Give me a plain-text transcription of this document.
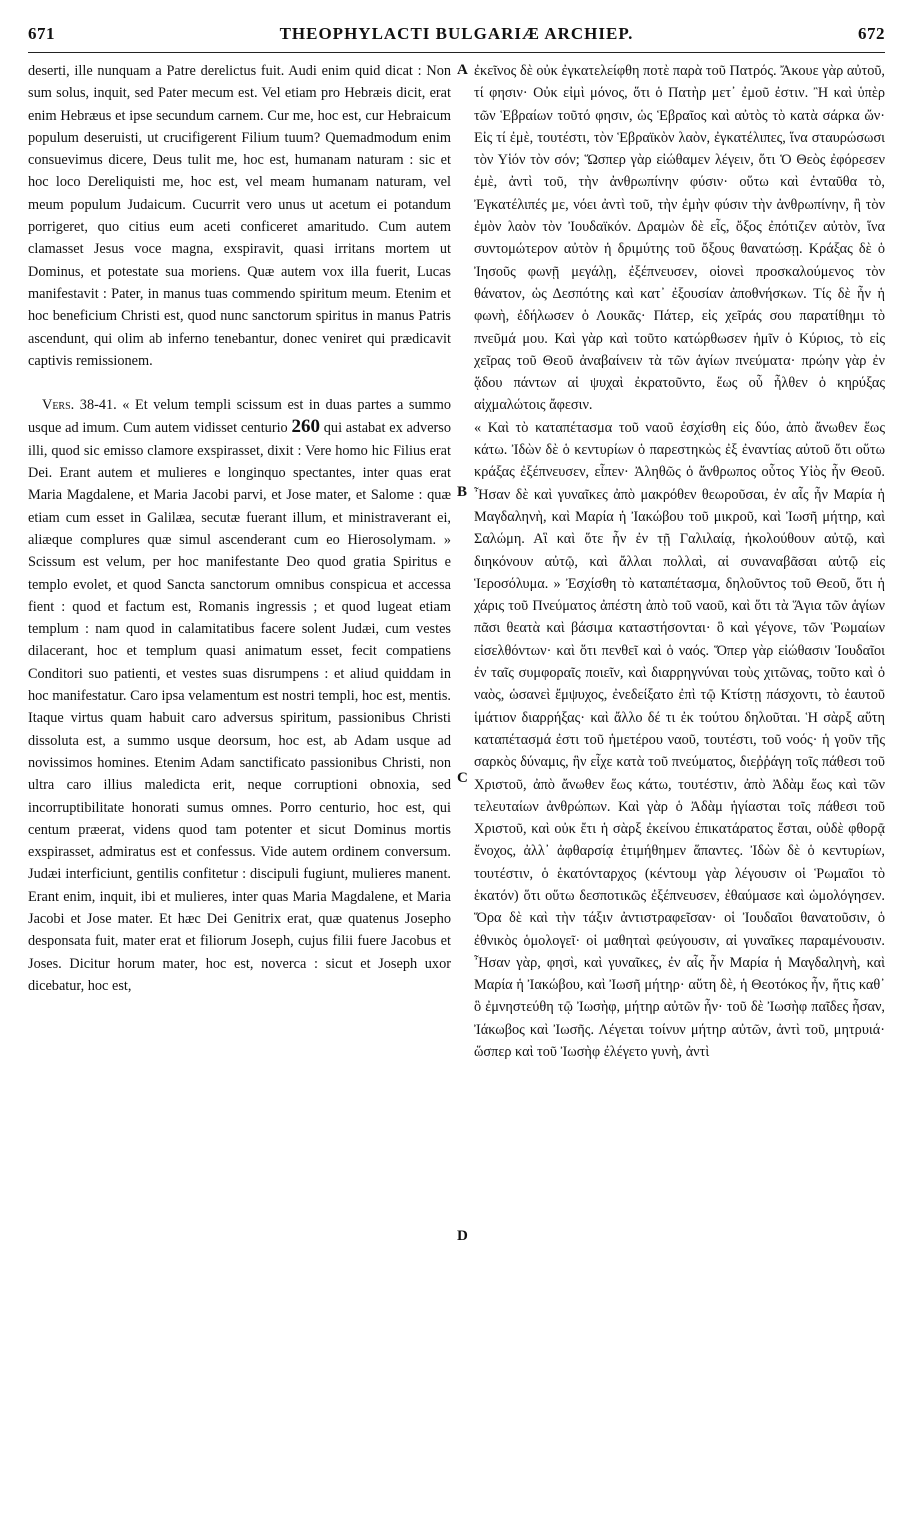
671	THEOPHYLACTI BULGARIÆ ARCHIEP.	672

deserti, ille nunquam a Patre derelictus fuit. Audi enim quid dicat : Non sum solus, inquit, sed Pater mecum est. Vel etiam pro Hebræis dicit, erat enim Hebræus et ipse secundum carnem. Cur me, hoc est, cur Hebraicum populum deseruisti, ut crucifigerent Filium tuum? Quemadmodum enim consuevimus dicere, Deus tulit me, hoc est, humanam naturam : sic et hoc loco Dereliquisti me, hoc est, vel meam humanam naturam, vel meum populum Judaicum. Cucurrit vero unus ut acetum ei potandum porrigeret, quo citius eum aceti conficeret amaritudo. Cum autem clamasset Jesus voce magna, exspiravit, quasi irritans mortem ut Dominus, et potestate sua moriens. Quæ autem vox illa fuerit, Lucas manifestavit : Pater, in manus tuas commendo spiritum meum. Etenim et hoc beneficium Christi est, quod nunc sanctorum spiritus in manus Patris ascendunt, qui olim ab inferno tenebantur, donec veniret qui prædicavit captivis remissionem.

Vers. 38-41. « Et velum templi scissum est in duas partes a summo usque ad imum. Cum autem vidisset centurio 260 qui astabat ex adverso illi, quod sic emisso clamore exspirasset, dixit : Vere homo hic Filius erat Dei. Erant autem et mulieres e longinquo spectantes, inter quas erat Maria Magdalene, et Maria Jacobi parvi, et Jose mater, et Salome : quæ etiam cum esset in Galilæa, secutæ fuerant illum, et ministraverant ei, aliæque complures quæ simul ascenderant cum eo Hierosolymam. » Scissum est velum, per hoc manifestante Deo quod gratia Spiritus e templo evolet, et quod Sancta sanctorum omnibus conspicua et accessa fient : quod et factum est, Romanis ingressis ; et quod lugeat etiam templum : nam quod in calamitatibus facere solent Judæi, cum vestes dilacerant, hoc et templum quasi animatum esset, fecit compatiens Conditori suo patienti, et vestes suas disrumpens : et aliud quiddam in hoc manifestatur. Caro ipsa velamentum est nostri templi, hoc est, mentis. Itaque virtus quam habuit caro adversus spiritum, passionibus Christi dissoluta est, a summo usque deorsum, hoc est, ab Adam usque ad novissimos homines. Etenim Adam sanctificato passionibus Christi, non ultra caro illius maledicta erit, neque corruptioni obnoxia, sed incorruptibilitate honorati sumus omnes. Porro centurio, hoc est, qui centum præerat, videns quod tam potenter et sicut Dominus mortis exspirasset, admiratus est et confessus. Vide autem ordinem conversum. Judæi interficiunt, gentilis confitetur : discipuli fugiunt, mulieres manent. Erant enim, inquit, ibi et mulieres, inter quas Maria Magdalene, et Maria Jacobi et Jose mater. Et hæc Dei Genitrix erat, quæ quatenus Josepho desponsata fuit, mater erat et filiorum Joseph, cujus filii fuere Jacobus et Joses. Dicitur horum mater, hoc est, noverca : sicut et Joseph uxor dicebatur, hoc est,

A
B
C
D

ἐκεῖνος δὲ οὐκ ἐγκατελείφθη ποτὲ παρὰ τοῦ Πατρός. Ἄκουε γὰρ αὐτοῦ, τί φησιν· Οὐκ εἰμὶ μόνος, ὅτι ὁ Πατὴρ μετ᾽ ἐμοῦ ἐστιν. Ἢ καὶ ὑπὲρ τῶν Ἑβραίων τοῦτό φησιν, ὡς Ἑβραῖος καὶ αὐτὸς τὸ κατὰ σάρκα ὤν· Εἰς τί ἐμὲ, τουτέστι, τὸν Ἑβραϊκὸν λαὸν, ἐγκατέλιπες, ἵνα σταυρώσωσι τὸν Υἱόν τὸν σόν; Ὥσπερ γὰρ εἰώθαμεν λέγειν, ὅτι Ὁ Θεὸς ἐφόρεσεν ἐμὲ, ἀντὶ τοῦ, τὴν ἀνθρωπίνην φύσιν· οὕτω καὶ ἐνταῦθα τὸ, Ἐγκατέλιπές με, νόει ἀντὶ τοῦ, τὴν ἐμὴν φύσιν τὴν ἀνθρωπίνην, ἢ τὸν ἐμὸν λαὸν τὸν Ἰουδαϊκόν. Δραμὼν δὲ εἷς, ὄξος ἐπότιζεν αὐτὸν, ἵνα συντομώτερον αὐτὸν ἡ δριμύτης τοῦ ὄξους θανατώσῃ. Κράξας δὲ ὁ Ἰησοῦς φωνῇ μεγάλῃ, ἐξέπνευσεν, οἱονεὶ προσκαλούμενος τὸν θάνατον, ὡς Δεσπότης καὶ κατ᾽ ἐξουσίαν ἀποθνήσκων. Τίς δὲ ἦν ἡ φωνὴ, ἐδήλωσεν ὁ Λουκᾶς· Πάτερ, εἰς χεῖράς σου παρατίθημι τὸ πνεῦμά μου. Καὶ γὰρ καὶ τοῦτο κατώρθωσεν ἡμῖν ὁ Κύριος, τὸ εἰς χεῖρας τοῦ Θεοῦ ἀναβαίνειν τὰ τῶν ἁγίων πνεύματα· πρώην γὰρ ἐν ᾅδου πάντων αἱ ψυχαὶ ἐκρατοῦντο, ἕως οὗ ἦλθεν ὁ κηρύξας αἰχμαλώτοις ἄφεσιν.

« Καὶ τὸ καταπέτασμα τοῦ ναοῦ ἐσχίσθη εἰς δύο, ἀπὸ ἄνωθεν ἕως κάτω. Ἰδὼν δὲ ὁ κεντυρίων ὁ παρεστηκὼς ἐξ ἐναντίας αὐτοῦ ὅτι οὕτω κράξας ἐξέπνευσεν, εἶπεν· Ἀληθῶς ὁ ἄνθρωπος οὗτος Υἱὸς ἦν Θεοῦ. Ἦσαν δὲ καὶ γυναῖκες ἀπὸ μακρόθεν θεωροῦσαι, ἐν αἷς ἦν Μαρία ἡ Μαγδαληνὴ, καὶ Μαρία ἡ Ἰακώβου τοῦ μικροῦ, καὶ Ἰωσῆ μήτηρ, καὶ Σαλώμη. Αἳ καὶ ὅτε ἦν ἐν τῇ Γαλιλαίᾳ, ἠκολούθουν αὐτῷ, καὶ διηκόνουν αὐτῷ, καὶ ἄλλαι πολλαὶ, αἱ συναναβᾶσαι αὐτῷ εἰς Ἱεροσόλυμα. » Ἐσχίσθη τὸ καταπέτασμα, δηλοῦντος τοῦ Θεοῦ, ὅτι ἡ χάρις τοῦ Πνεύματος ἀπέστη ἀπὸ τοῦ ναοῦ, καὶ ὅτι τὰ Ἅγια τῶν ἁγίων πᾶσι θεατὰ καὶ βάσιμα καταστήσονται· ὃ καὶ γέγονε, τῶν Ῥωμαίων εἰσελθόντων· καὶ ὅτι πενθεῖ καὶ ὁ ναός. Ὅπερ γὰρ εἰώθασιν Ἰουδαῖοι ἐν ταῖς συμφοραῖς ποιεῖν, καὶ διαρρηγνύναι τοὺς χιτῶνας, τοῦτο καὶ ὁ ναὸς, ὡσανεὶ ἔμψυχος, ἐνεδείξατο ἐπὶ τῷ Κτίστῃ πάσχοντι, τὸ ἑαυτοῦ ἱμάτιον διαρρήξας· καὶ ἄλλο δέ τι ἐκ τούτου δηλοῦται. Ἡ σὰρξ αὕτη καταπέτασμά ἐστι τοῦ ἡμετέρου ναοῦ, τουτέστι, τοῦ νοός· ἡ γοῦν τῆς σαρκὸς δύναμις, ἣν εἶχε κατὰ τοῦ πνεύματος, διεῤῥάγη τοῖς πάθεσι τοῦ Χριστοῦ, ἀπὸ ἄνωθεν ἕως κάτω, τουτέστιν, ἀπὸ Ἀδὰμ ἕως καὶ τῶν τελευταίων ἀνθρώπων. Καὶ γὰρ ὁ Ἀδὰμ ἡγίασται τοῖς πάθεσι τοῦ Χριστοῦ, καὶ οὐκ ἔτι ἡ σὰρξ ἐκείνου ἐπικατάρατος ἔσται, οὐδὲ φθορᾷ ἔνοχος, ἀλλ᾽ ἀφθαρσίᾳ ἐτιμήθημεν ἅπαντες. Ἰδὼν δὲ ὁ κεντυρίων, τουτέστιν, ὁ ἑκατόνταρχος (κέντουμ γὰρ λέγουσιν οἱ Ῥωμαῖοι τὸ ἑκατόν) ὅτι οὕτω δεσποτικῶς ἐξέπνευσεν, ἐθαύμασε καὶ ὡμολόγησεν. Ὅρα δὲ καὶ τὴν τάξιν ἀντιστραφεῖσαν· οἱ Ἰουδαῖοι θανατοῦσιν, ὁ ἐθνικὸς ὁμολογεῖ· οἱ μαθηταὶ φεύγουσιν, αἱ γυναῖκες παραμένουσιν. Ἦσαν γὰρ, φησὶ, καὶ γυναῖκες, ἐν αἷς ἦν Μαρία ἡ Μαγδαληνὴ, καὶ Μαρία ἡ Ἰακώβου, καὶ Ἰωσῆ μήτηρ· αὕτη δὲ, ἡ Θεοτόκος ἦν, ἥτις καθ᾽ ὃ ἐμνηστεύθη τῷ Ἰωσὴφ, μήτηρ αὐτῶν ἦν· τοῦ δὲ Ἰωσὴφ παῖδες ἦσαν, Ἰάκωβος καὶ Ἰωσῆς. Λέγεται τοίνυν μήτηρ αὐτῶν, ἀντὶ τοῦ, μητρυιά· ὥσπερ καὶ τοῦ Ἰωσὴφ ἐλέγετο γυνὴ, ἀντὶ
